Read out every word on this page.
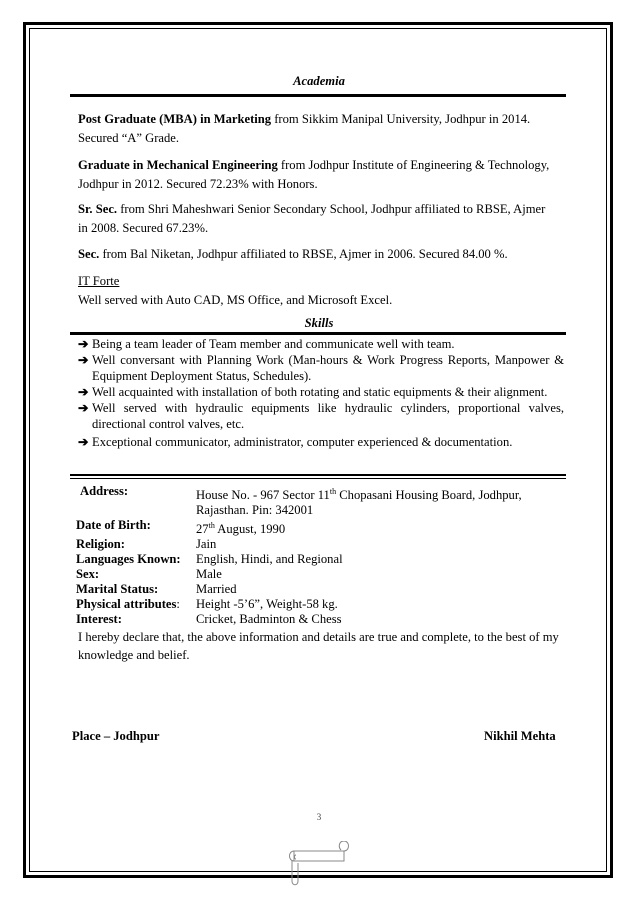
Academia
Post Graduate (MBA) in Marketing from Sikkim Manipal University, Jodhpur in 2014.
Secured “A” Grade.
Graduate in Mechanical Engineering from Jodhpur Institute of Engineering & Technology,
Jodhpur in 2012. Secured 72.23% with Honors.
Sr. Sec. from Shri Maheshwari Senior Secondary School, Jodhpur affiliated to RBSE, Ajmer
in 2008. Secured 67.23%.
Sec. from Bal Niketan, Jodhpur affiliated to RBSE, Ajmer in 2006. Secured 84.00 %.
IT Forte
Well served with Auto CAD, MS Office, and Microsoft Excel.
Skills
➔ Being a team leader of Team member and communicate well with team.
➔ Well conversant with Planning Work (Man-hours & Work Progress Reports, Manpower & Equipment Deployment Status, Schedules).
➔ Well acquainted with installation of both rotating and static equipments & their alignment.
➔ Well served with hydraulic equipments like hydraulic cylinders, proportional valves, directional control valves, etc.
➔ Exceptional communicator, administrator, computer experienced & documentation.
Address:	House No. - 967 Sector 11th Chopasani Housing Board, Jodhpur,
Rajasthan. Pin: 342001
Date of Birth:	27th August, 1990
Religion:	Jain
Languages Known:	English, Hindi, and Regional
Sex:	Male
Marital Status:	Married
Physical attributes:	Height -5’6”, Weight-58 kg.
Interest:	Cricket, Badminton & Chess
I hereby declare that, the above information and details are true and complete, to the best of my knowledge and belief.
Place – Jodhpur	Nikhil Mehta
3
